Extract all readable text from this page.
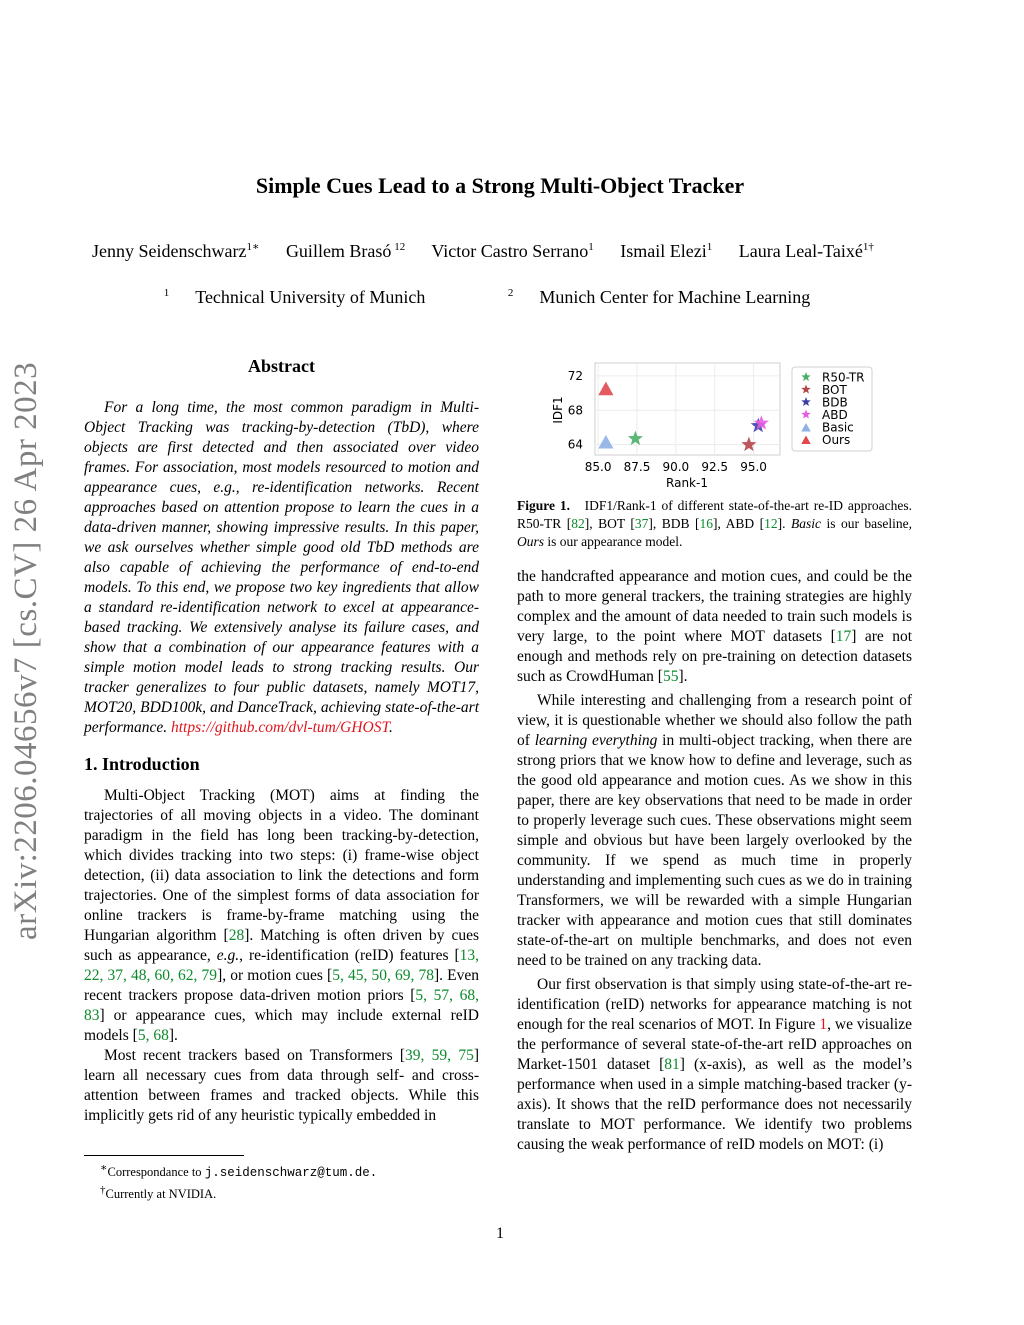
arXiv:2206.04656v7 [cs.CV] 26 Apr 2023
Simple Cues Lead to a Strong Multi-Object Tracker
Jenny Seidenschwarz$^{1∗}$ Guillem Brasó $^{12}$ Victor Castro Serrano$^1$ Ismail Elezi$^1$ Laura Leal-Taixé$^{1\dagger}$
$^1$ Technical University of Munich	$^2$ Munich Center for Machine Learning
Abstract

For a long time, the most common paradigm in Multi-Object Tracking was tracking-by-detection (TbD), where objects are first detected and then associated over video frames. For association, most models resourced to motion and appearance cues, e.g., re-identification networks. Recent approaches based on attention propose to learn the cues in a data-driven manner, showing impressive results. In this paper, we ask ourselves whether simple good old TbD methods are also capable of achieving the performance of end-to-end models. To this end, we propose two key ingredients that allow a standard re-identification network to excel at appearance-based tracking. We extensively analyse its failure cases, and show that a combination of our appearance features with a simple motion model leads to strong tracking results. Our tracker generalizes to four public datasets, namely MOT17, MOT20, BDD100k, and DanceTrack, achieving state-of-the-art performance. https://github.com/dvl-tum/GHOST.

1. Introduction

Multi-Object Tracking (MOT) aims at finding the trajectories of all moving objects in a video. The dominant paradigm in the field has long been tracking-by-detection, which divides tracking into two steps: (i) frame-wise object detection, (ii) data association to link the detections and form trajectories. One of the simplest forms of data association for online trackers is frame-by-frame matching using the Hungarian algorithm [28]. Matching is often driven by cues such as appearance, e.g., re-identification (reID) features [13, 22, 37, 48, 60, 62, 79], or motion cues [5, 45, 50, 69, 78]. Even recent trackers propose data-driven motion priors [5, 57, 68, 83] or appearance cues, which may include external reID models [5, 68].

Most recent trackers based on Transformers [39, 59, 75] learn all necessary cues from data through self- and cross-attention between frames and tracked objects. While this implicitly gets rid of any heuristic typically embedded in

∗Correspondance to j.seidenschwarz@tum.de.
†Currently at NVIDIA.
85.0 87.5 90.0 92.5 95.0
64
68
72
Rank-1
IDF1
R50-TR
BOT
BDB
ABD
Basic
Ours
Figure 1. IDF1/Rank-1 of different state-of-the-art re-ID approaches. R50-TR [82], BOT [37], BDB [16], ABD [12]. Basic is our baseline, Ours is our appearance model.

the handcrafted appearance and motion cues, and could be the path to more general trackers, the training strategies are highly complex and the amount of data needed to train such models is very large, to the point where MOT datasets [17] are not enough and methods rely on pre-training on detection datasets such as CrowdHuman [55].

While interesting and challenging from a research point of view, it is questionable whether we should also follow the path of learning everything in multi-object tracking, when there are strong priors that we know how to define and leverage, such as the good old appearance and motion cues. As we show in this paper, there are key observations that need to be made in order to properly leverage such cues. These observations might seem simple and obvious but have been largely overlooked by the community. If we spend as much time in properly understanding and implementing such cues as we do in training Transformers, we will be rewarded with a simple Hungarian tracker with appearance and motion cues that still dominates state-of-the-art on multiple benchmarks, and does not even need to be trained on any tracking data.

Our first observation is that simply using state-of-the-art re-identification (reID) networks for appearance matching is not enough for the real scenarios of MOT. In Figure 1, we visualize the performance of several state-of-the-art reID approaches on Market-1501 dataset [81] (x-axis), as well as the model’s performance when used in a simple matching-based tracker (y-axis). It shows that the reID performance does not necessarily translate to MOT performance. We identify two problems causing the weak performance of reID models on MOT: (i)

1
